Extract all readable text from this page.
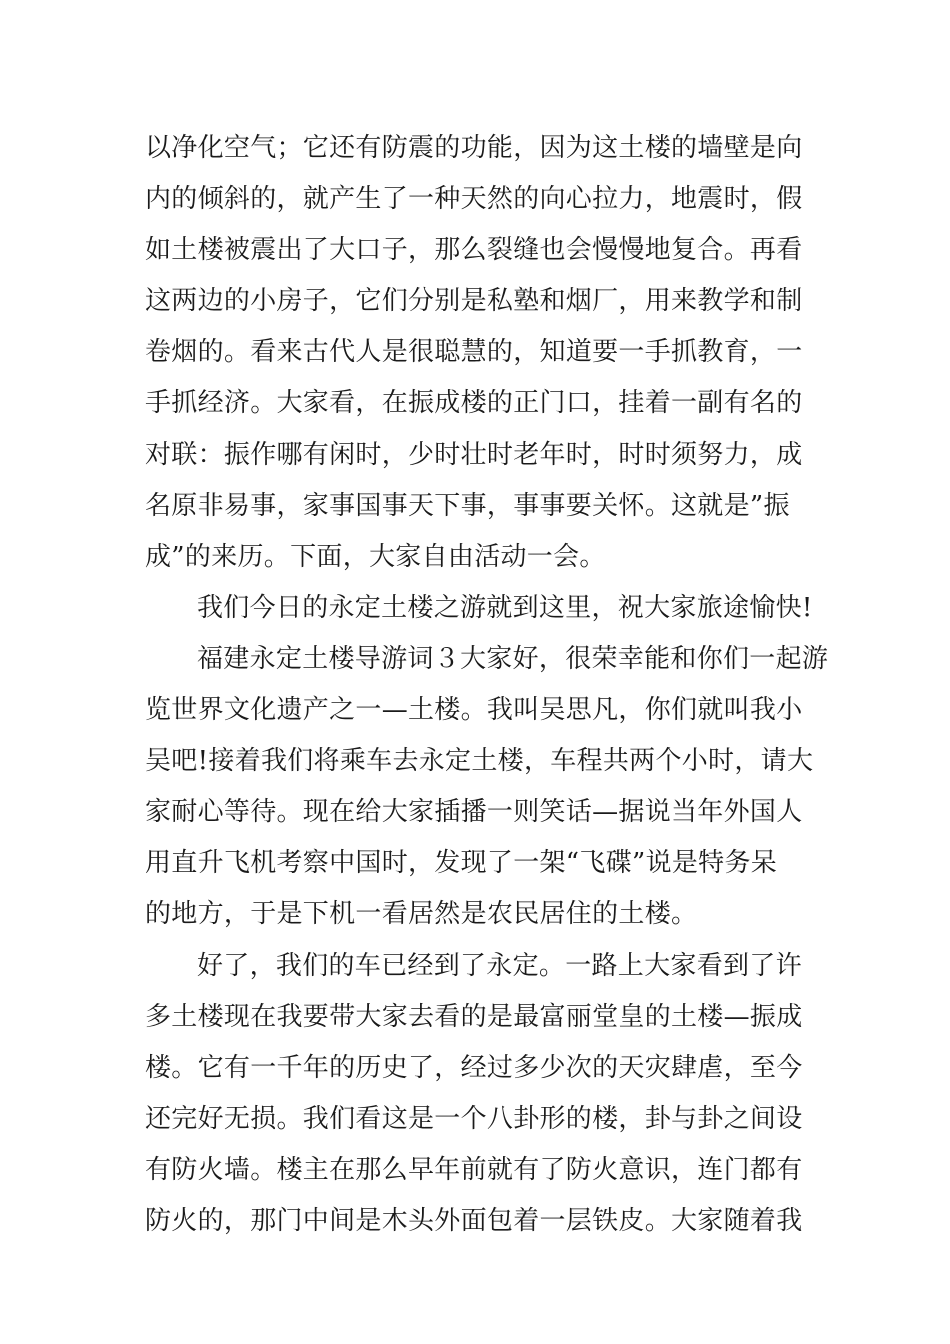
以净化空气；它还有防震的功能，因为这土楼的墙壁是向
内的倾斜的，就产生了一种天然的向心拉力，地震时，假
如土楼被震出了大口子，那么裂缝也会慢慢地复合。再看
这两边的小房子，它们分别是私塾和烟厂，用来教学和制
卷烟的。看来古代人是很聪慧的，知道要一手抓教育，一
手抓经济。大家看，在振成楼的正门口，挂着一副有名的
对联：振作哪有闲时，少时壮时老年时，时时须努力，成
名原非易事，家事国事天下事，事事要关怀。这就是”振
成”的来历。下面，大家自由活动一会。
我们今日的永定土楼之游就到这里，祝大家旅途愉快!
福建永定土楼导游词３大家好，很荣幸能和你们一起游
览世界文化遗产之一—土楼。我叫吴思凡，你们就叫我小
吴吧!接着我们将乘车去永定土楼，车程共两个小时，请大
家耐心等待。现在给大家插播一则笑话—据说当年外国人
用直升飞机考察中国时，发现了一架“飞碟”说是特务呆
的地方，于是下机一看居然是农民居住的土楼。
好了，我们的车已经到了永定。一路上大家看到了许
多土楼现在我要带大家去看的是最富丽堂皇的土楼—振成
楼。它有一千年的历史了，经过多少次的天灾肆虐，至今
还完好无损。我们看这是一个八卦形的楼，卦与卦之间设
有防火墙。楼主在那么早年前就有了防火意识，连门都有
防火的，那门中间是木头外面包着一层铁皮。大家随着我
